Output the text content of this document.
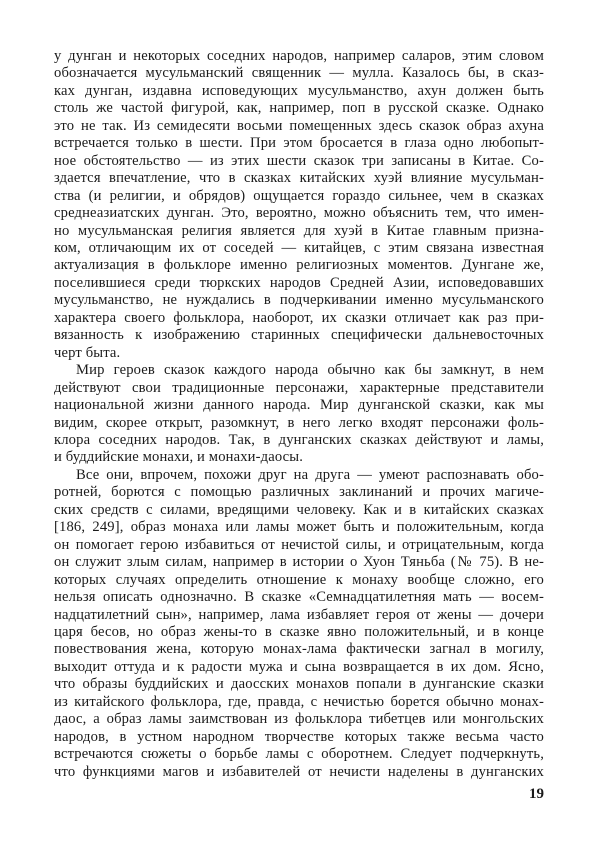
у дунган и некоторых соседних народов, например саларов, этим словом
обозначается мусульманский священник — мулла. Казалось бы, в сказ-
ках дунган, издавна исповедующих мусульманство, ахун должен быть
столь же частой фигурой, как, например, поп в русской сказке. Однако
это не так. Из семидесяти восьми помещенных здесь сказок образ ахуна
встречается только в шести. При этом бросается в глаза одно любопыт-
ное обстоятельство — из этих шести сказок три записаны в Китае. Со-
здается впечатление, что в сказках китайских хуэй влияние мусульман-
ства (и религии, и обрядов) ощущается гораздо сильнее, чем в сказках
среднеазиатских дунган. Это, вероятно, можно объяснить тем, что имен-
но мусульманская религия является для хуэй в Китае главным призна-
ком, отличающим их от соседей — китайцев, с этим связана известная
актуализация в фольклоре именно религиозных моментов. Дунгане же,
поселившиеся среди тюркских народов Средней Азии, исповедовавших
мусульманство, не нуждались в подчеркивании именно мусульманского
характера своего фольклора, наоборот, их сказки отличает как раз при-
вязанность к изображению старинных специфически дальневосточных
черт быта.
Мир героев сказок каждого народа обычно как бы замкнут, в нем
действуют свои традиционные персонажи, характерные представители
национальной жизни данного народа. Мир дунганской сказки, как мы
видим, скорее открыт, разомкнут, в него легко входят персонажи фоль-
клора соседних народов. Так, в дунганских сказках действуют и ламы,
и буддийские монахи, и монахи-даосы.
Все они, впрочем, похожи друг на друга — умеют распознавать обо-
ротней, борются с помощью различных заклинаний и прочих магиче-
ских средств с силами, вредящими человеку. Как и в китайских сказках
[186, 249], образ монаха или ламы может быть и положительным, когда
он помогает герою избавиться от нечистой силы, и отрицательным, когда
он служит злым силам, например в истории о Хуон Тяньба (№ 75). В не-
которых случаях определить отношение к монаху вообще сложно, его
нельзя описать однозначно. В сказке «Семнадцатилетняя мать — восем-
надцатилетний сын», например, лама избавляет героя от жены — дочери
царя бесов, но образ жены-то в сказке явно положительный, и в конце
повествования жена, которую монах-лама фактически загнал в могилу,
выходит оттуда и к радости мужа и сына возвращается в их дом. Ясно,
что образы буддийских и даосских монахов попали в дунганские сказки
из китайского фольклора, где, правда, с нечистью борется обычно монах-
даос, а образ ламы заимствован из фольклора тибетцев или монгольских
народов, в устном народном творчестве которых также весьма часто
встречаются сюжеты о борьбе ламы с оборотнем. Следует подчеркнуть,
что функциями магов и избавителей от нечисти наделены в дунганских
19
